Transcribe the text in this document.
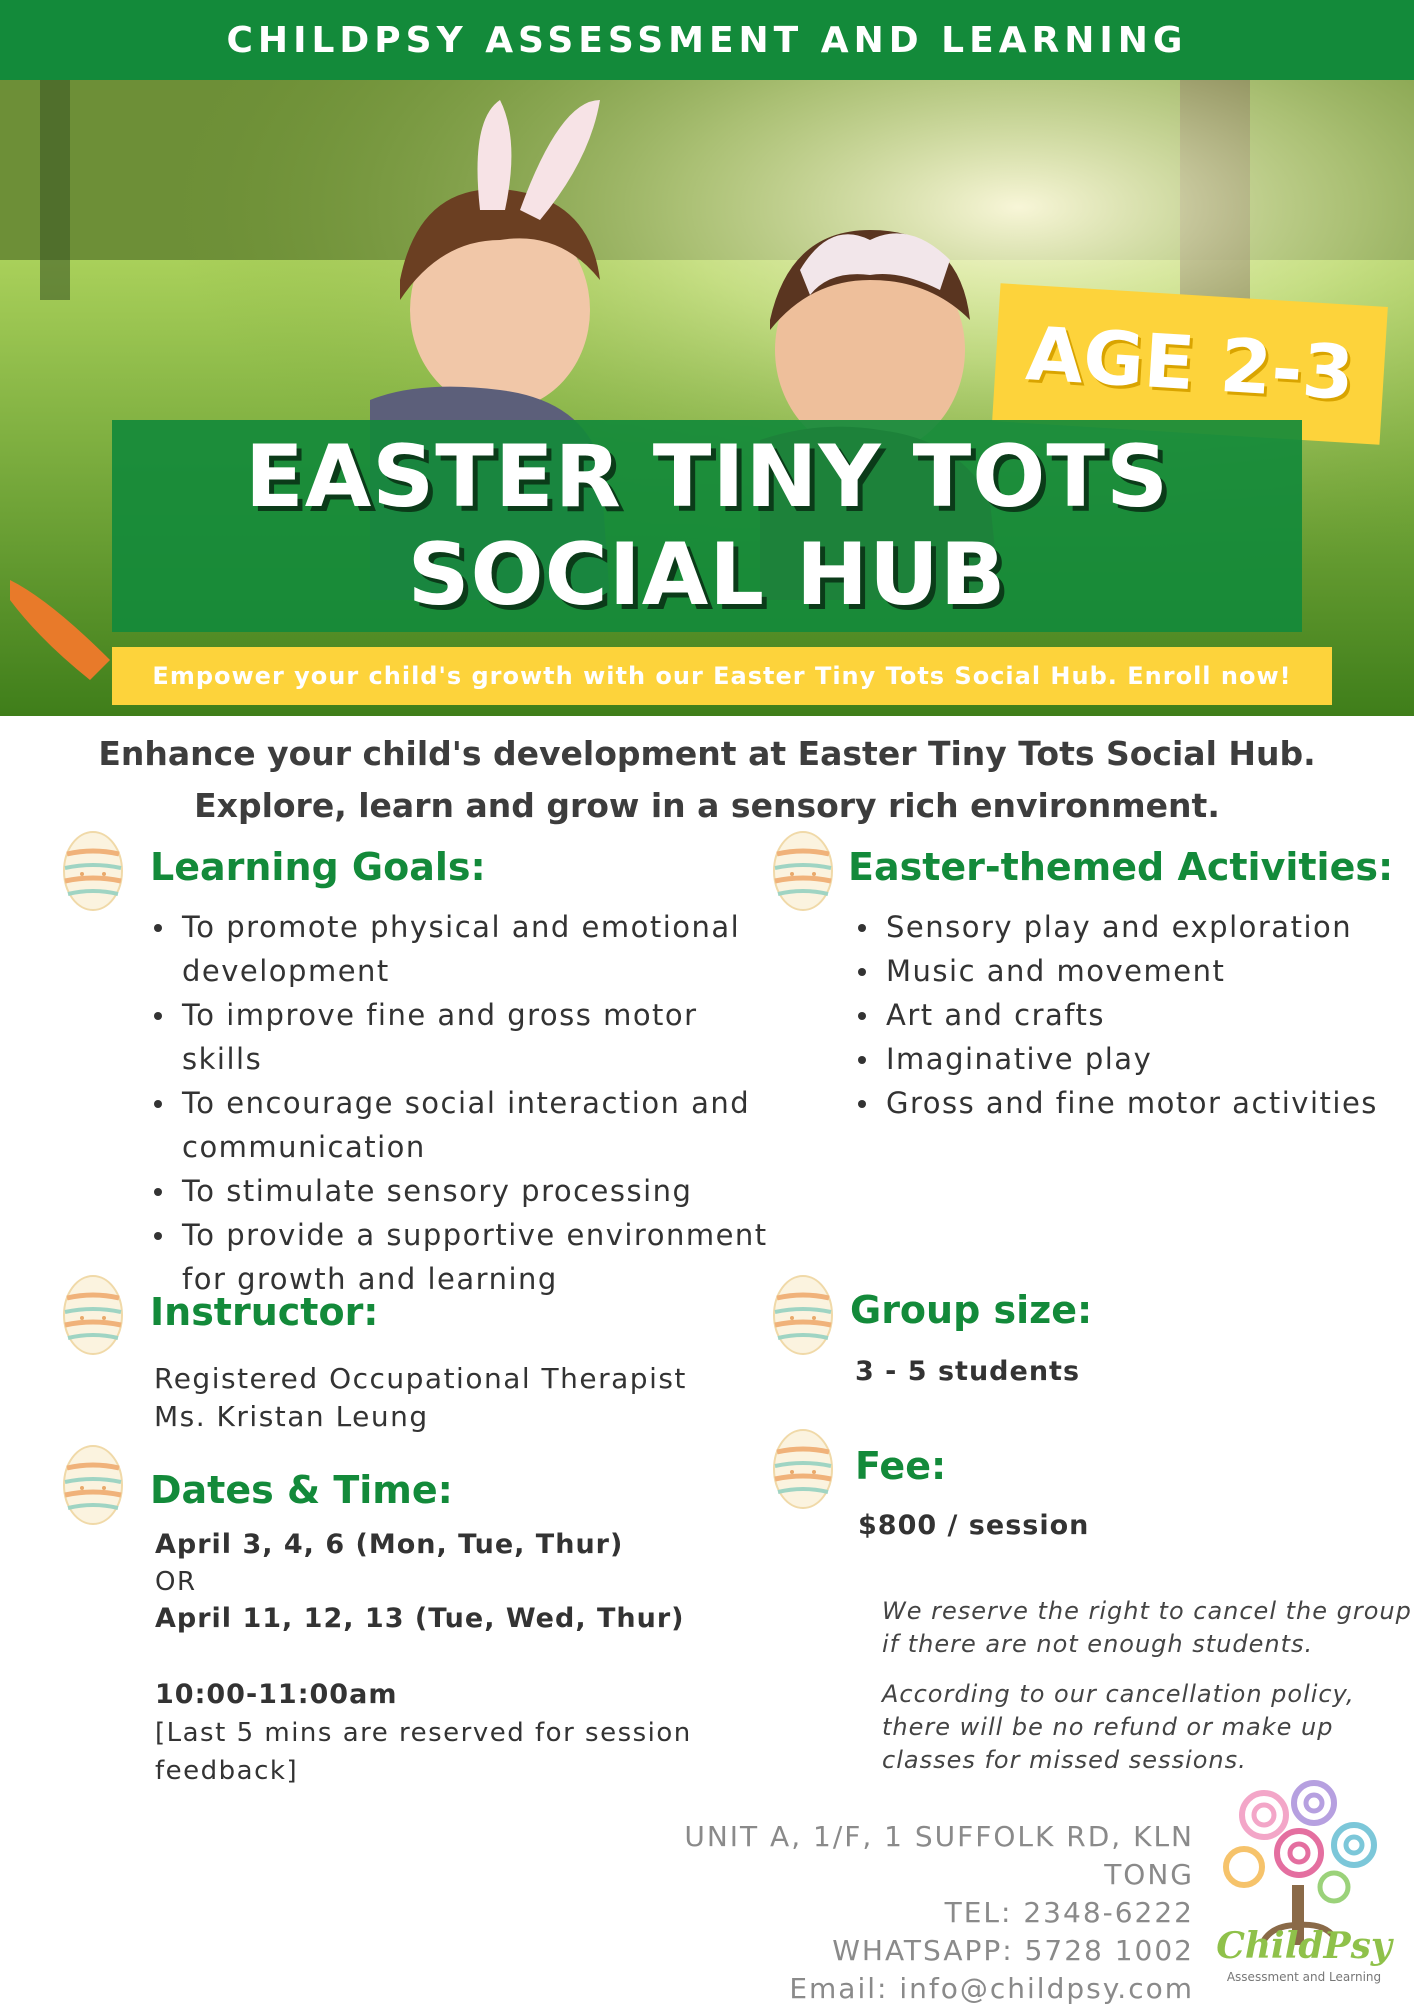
CHILDPSY ASSESSMENT AND LEARNING
AGE 2-3
EASTER TINY TOTS
SOCIAL HUB
Empower your child's growth with our Easter Tiny Tots Social Hub. Enroll now!
Enhance your child's development at Easter Tiny Tots Social Hub.
Explore, learn and grow in a sensory rich environment.
Learning Goals:
To promote physical and emotional development
To improve fine and gross motor skills
To encourage social interaction and communication
To stimulate sensory processing
To provide a supportive environment for growth and learning
Easter-themed Activities:
Sensory play and exploration
Music and movement
Art and crafts
Imaginative play
Gross and fine motor activities
Instructor:
Registered Occupational Therapist
Ms. Kristan Leung
Group size:
3 - 5 students
Dates & Time:
April 3, 4, 6 (Mon, Tue, Thur)
OR
April 11, 12, 13 (Tue, Wed, Thur)
10:00-11:00am
[Last 5 mins are reserved for session feedback]
Fee:
$800 / session
We reserve the right to cancel the group if there are not enough students.
According to our cancellation policy, there will be no refund or make up classes for missed sessions.
UNIT A, 1/F, 1 SUFFOLK RD, KLN TONG
TEL: 2348-6222
WHATSAPP: 5728 1002
Email: info@childpsy.com
ChildPsy
Assessment and Learning
